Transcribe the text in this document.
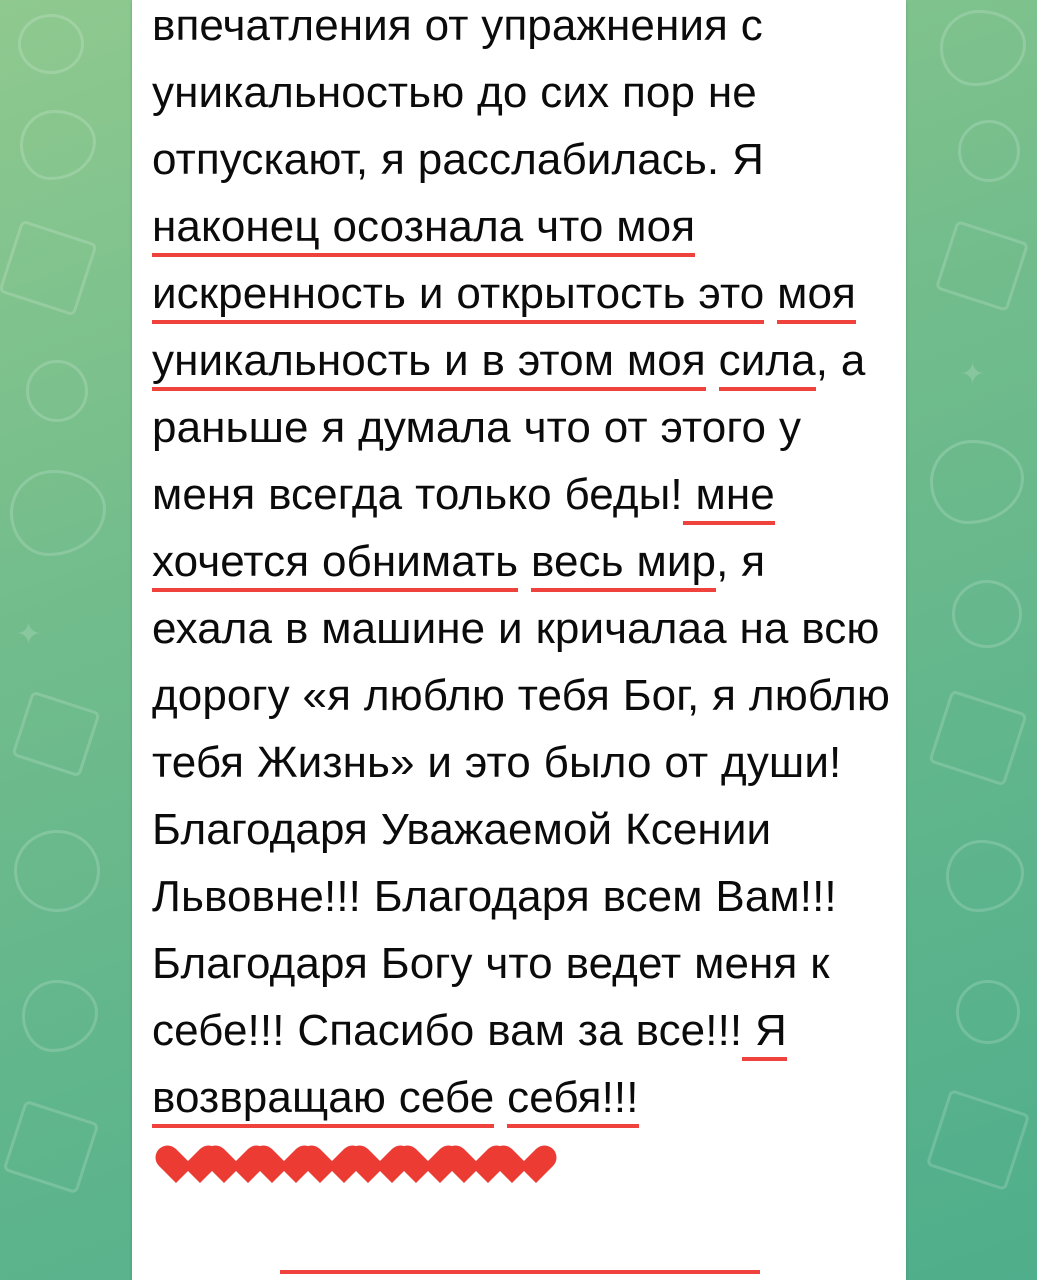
впечатления от упражнения с уникальностью до сих пор не отпускают, я расслабилась. Я наконец осознала что моя искренность и открытость это моя уникальность и в этом моя сила, а раньше я думала что от этого у меня всегда только беды! мне хочется обнимать весь мир, я ехала в машине и кричалаа на всю дорогу «я люблю тебя Бог, я люблю тебя Жизнь» и это было от души! Благодаря Уважаемой Ксении Львовне!!! Благодаря всем Вам!!! Благодаря Богу что ведет меня к себе!!! Спасибо вам за все!!! Я возвращаю себе себя!!!
